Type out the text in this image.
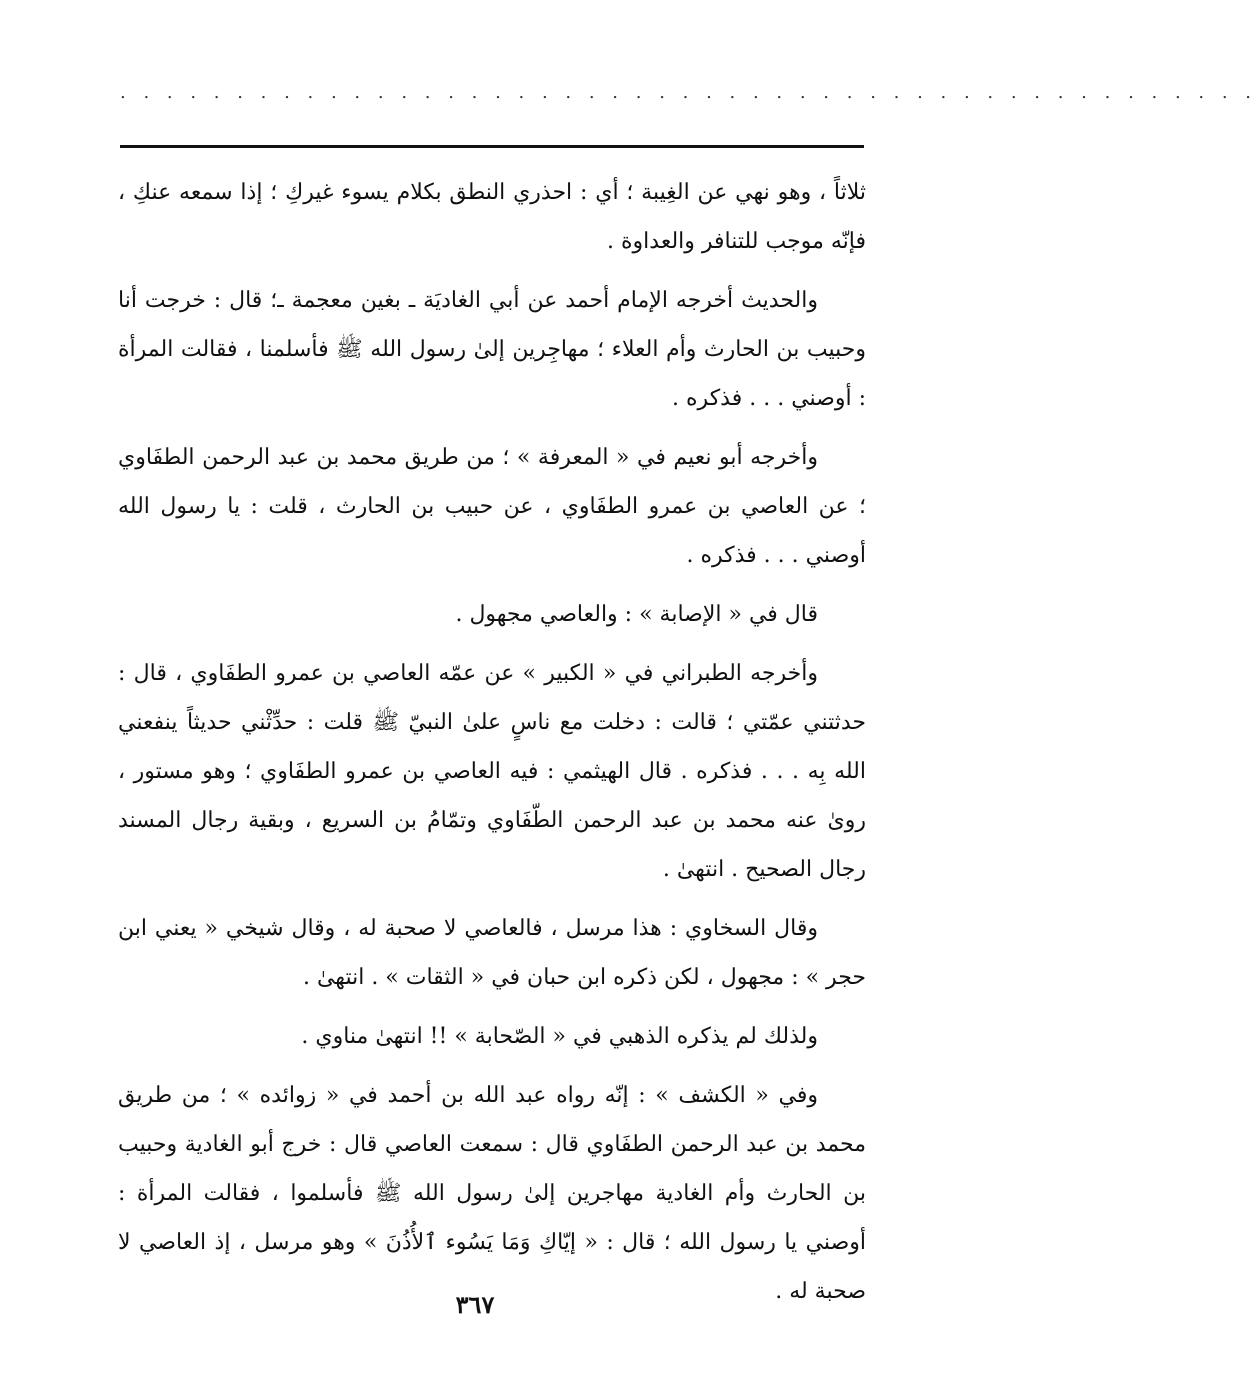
. . . . . . . . . . . . . . . . . . . . . . . . . . . . . . . . . . . . . . . . . . . . . . . . .

ثلاثاً ، وهو نهي عن الغِيبة ؛ أي : احذري النطق بكلام يسوء غيركِ ؛ إذا سمعه عنكِ ، فإنّه موجب للتنافر والعداوة .

والحديث أخرجه الإمام أحمد عن أبي الغاديَة ـ بغين معجمة ـ؛ قال : خرجت أنا وحبيب بن الحارث وأم العلاء ؛ مهاجِرين إلىٰ رسول الله ﷺ فأسلمنا ، فقالت المرأة : أوصني . . . فذكره .

وأخرجه أبو نعيم في « المعرفة » ؛ من طريق محمد بن عبد الرحمن الطفَاوي ؛ عن العاصي بن عمرو الطفَاوي ، عن حبيب بن الحارث ، قلت : يا رسول الله أوصني . . . فذكره .

قال في « الإصابة » : والعاصي مجهول .

وأخرجه الطبراني في « الكبير » عن عمّه العاصي بن عمرو الطفَاوي ، قال : حدثتني عمّتي ؛ قالت : دخلت مع ناسٍ علىٰ النبيّ ﷺ قلت : حدِّثْني حديثاً ينفعني الله بِه . . . فذكره . قال الهيثمي : فيه العاصي بن عمرو الطفَاوي ؛ وهو مستور ، روىٰ عنه محمد بن عبد الرحمن الطّفَاوي وتمّامُ بن السريع ، وبقية رجال المسند رجال الصحيح . انتهىٰ .

وقال السخاوي : هذا مرسل ، فالعاصي لا صحبة له ، وقال شيخي « يعني ابن حجر » : مجهول ، لكن ذكره ابن حبان في « الثقات » . انتهىٰ .

ولذلك لم يذكره الذهبي في « الصّحابة » !! انتهىٰ مناوي .

وفي « الكشف » : إنّه رواه عبد الله بن أحمد في « زوائده » ؛ من طريق محمد بن عبد الرحمن الطفَاوي قال : سمعت العاصي قال : خرج أبو الغادية وحبيب بن الحارث وأم الغادية مهاجرين إلىٰ رسول الله ﷺ فأسلموا ، فقالت المرأة : أوصني يا رسول الله ؛ قال : « إيّاكِ وَمَا يَسُوء ٱلأُذُنَ » وهو مرسل ، إذ العاصي لا صحبة له .

٣٦٧
